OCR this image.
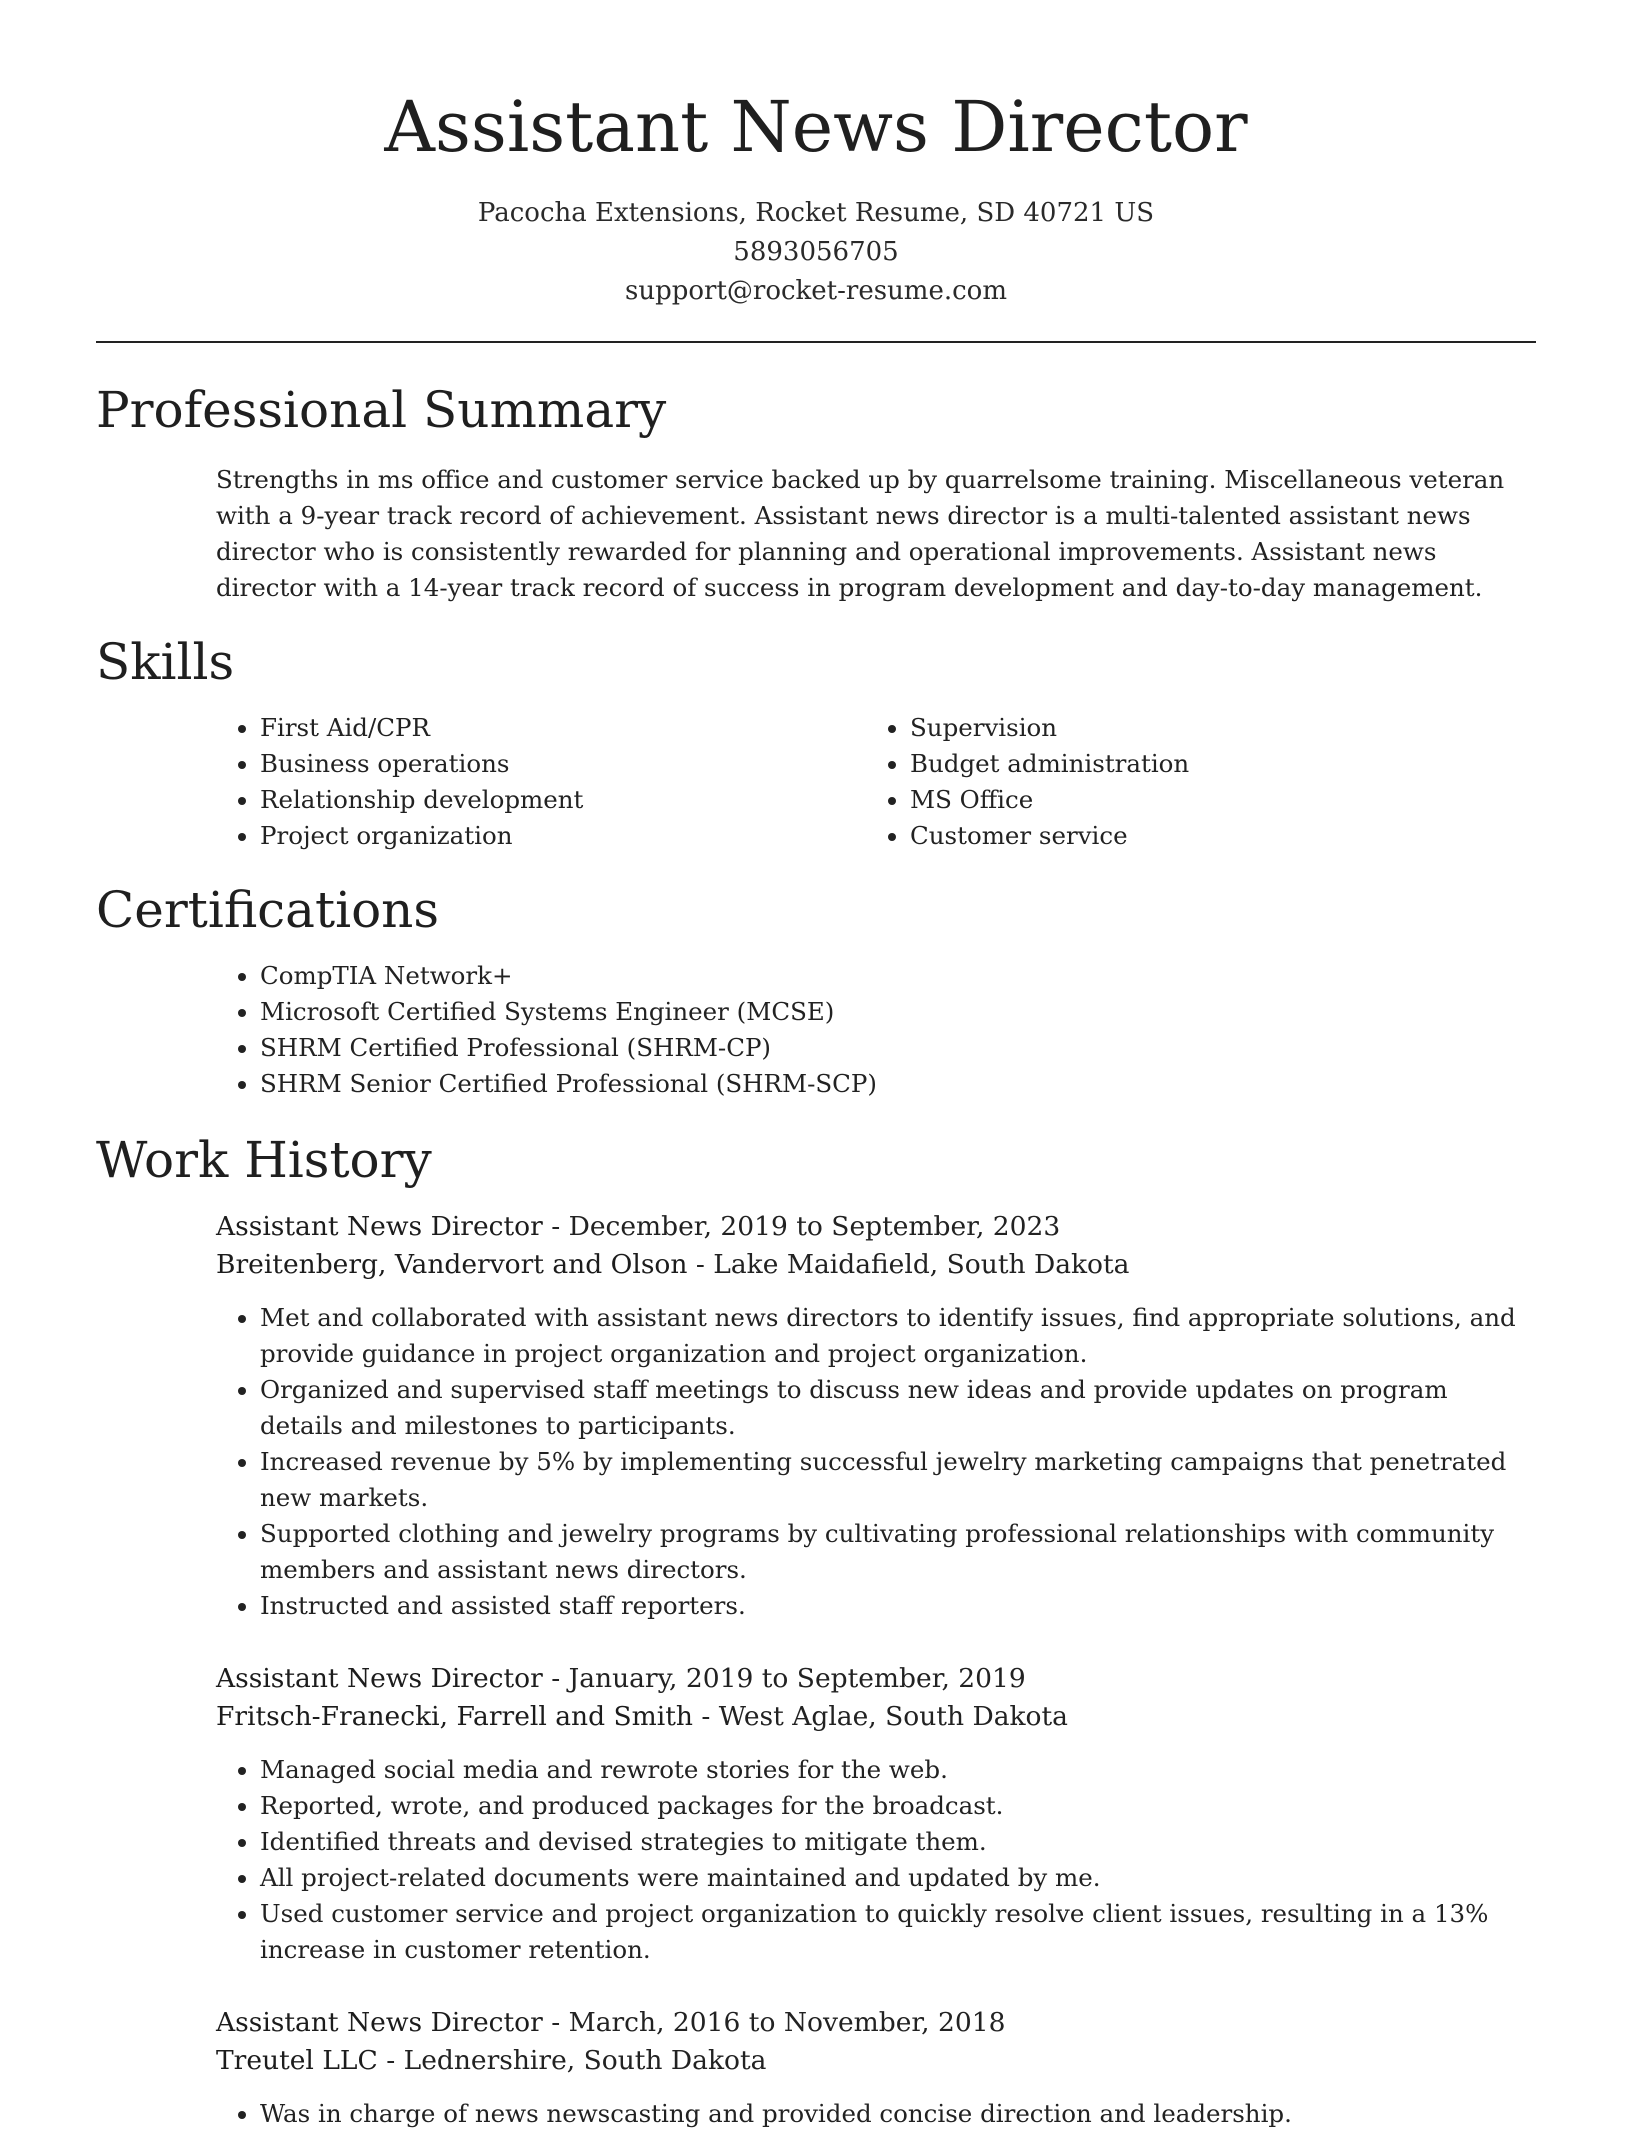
Assistant News Director
Pacocha Extensions, Rocket Resume, SD 40721 US
5893056705
support@rocket-resume.com
Professional Summary
Strengths in ms office and customer service backed up by quarrelsome training. Miscellaneous veteran with a 9-year track record of achievement. Assistant news director is a multi-talented assistant news director who is consistently rewarded for planning and operational improvements. Assistant news director with a 14-year track record of success in program development and day-to-day management.
Skills
• First Aid/CPR
• Business operations
• Relationship development
• Project organization
• Supervision
• Budget administration
• MS Office
• Customer service
Certifications
• CompTIA Network+
• Microsoft Certified Systems Engineer (MCSE)
• SHRM Certified Professional (SHRM-CP)
• SHRM Senior Certified Professional (SHRM-SCP)
Work History
Assistant News Director - December, 2019 to September, 2023
Breitenberg, Vandervort and Olson - Lake Maidafield, South Dakota
• Met and collaborated with assistant news directors to identify issues, find appropriate solutions, and provide guidance in project organization and project organization.
• Organized and supervised staff meetings to discuss new ideas and provide updates on program details and milestones to participants.
• Increased revenue by 5% by implementing successful jewelry marketing campaigns that penetrated new markets.
• Supported clothing and jewelry programs by cultivating professional relationships with community members and assistant news directors.
• Instructed and assisted staff reporters.
Assistant News Director - January, 2019 to September, 2019
Fritsch-Franecki, Farrell and Smith - West Aglae, South Dakota
• Managed social media and rewrote stories for the web.
• Reported, wrote, and produced packages for the broadcast.
• Identified threats and devised strategies to mitigate them.
• All project-related documents were maintained and updated by me.
• Used customer service and project organization to quickly resolve client issues, resulting in a 13% increase in customer retention.
Assistant News Director - March, 2016 to November, 2018
Treutel LLC - Lednershire, South Dakota
• Was in charge of news newscasting and provided concise direction and leadership.
